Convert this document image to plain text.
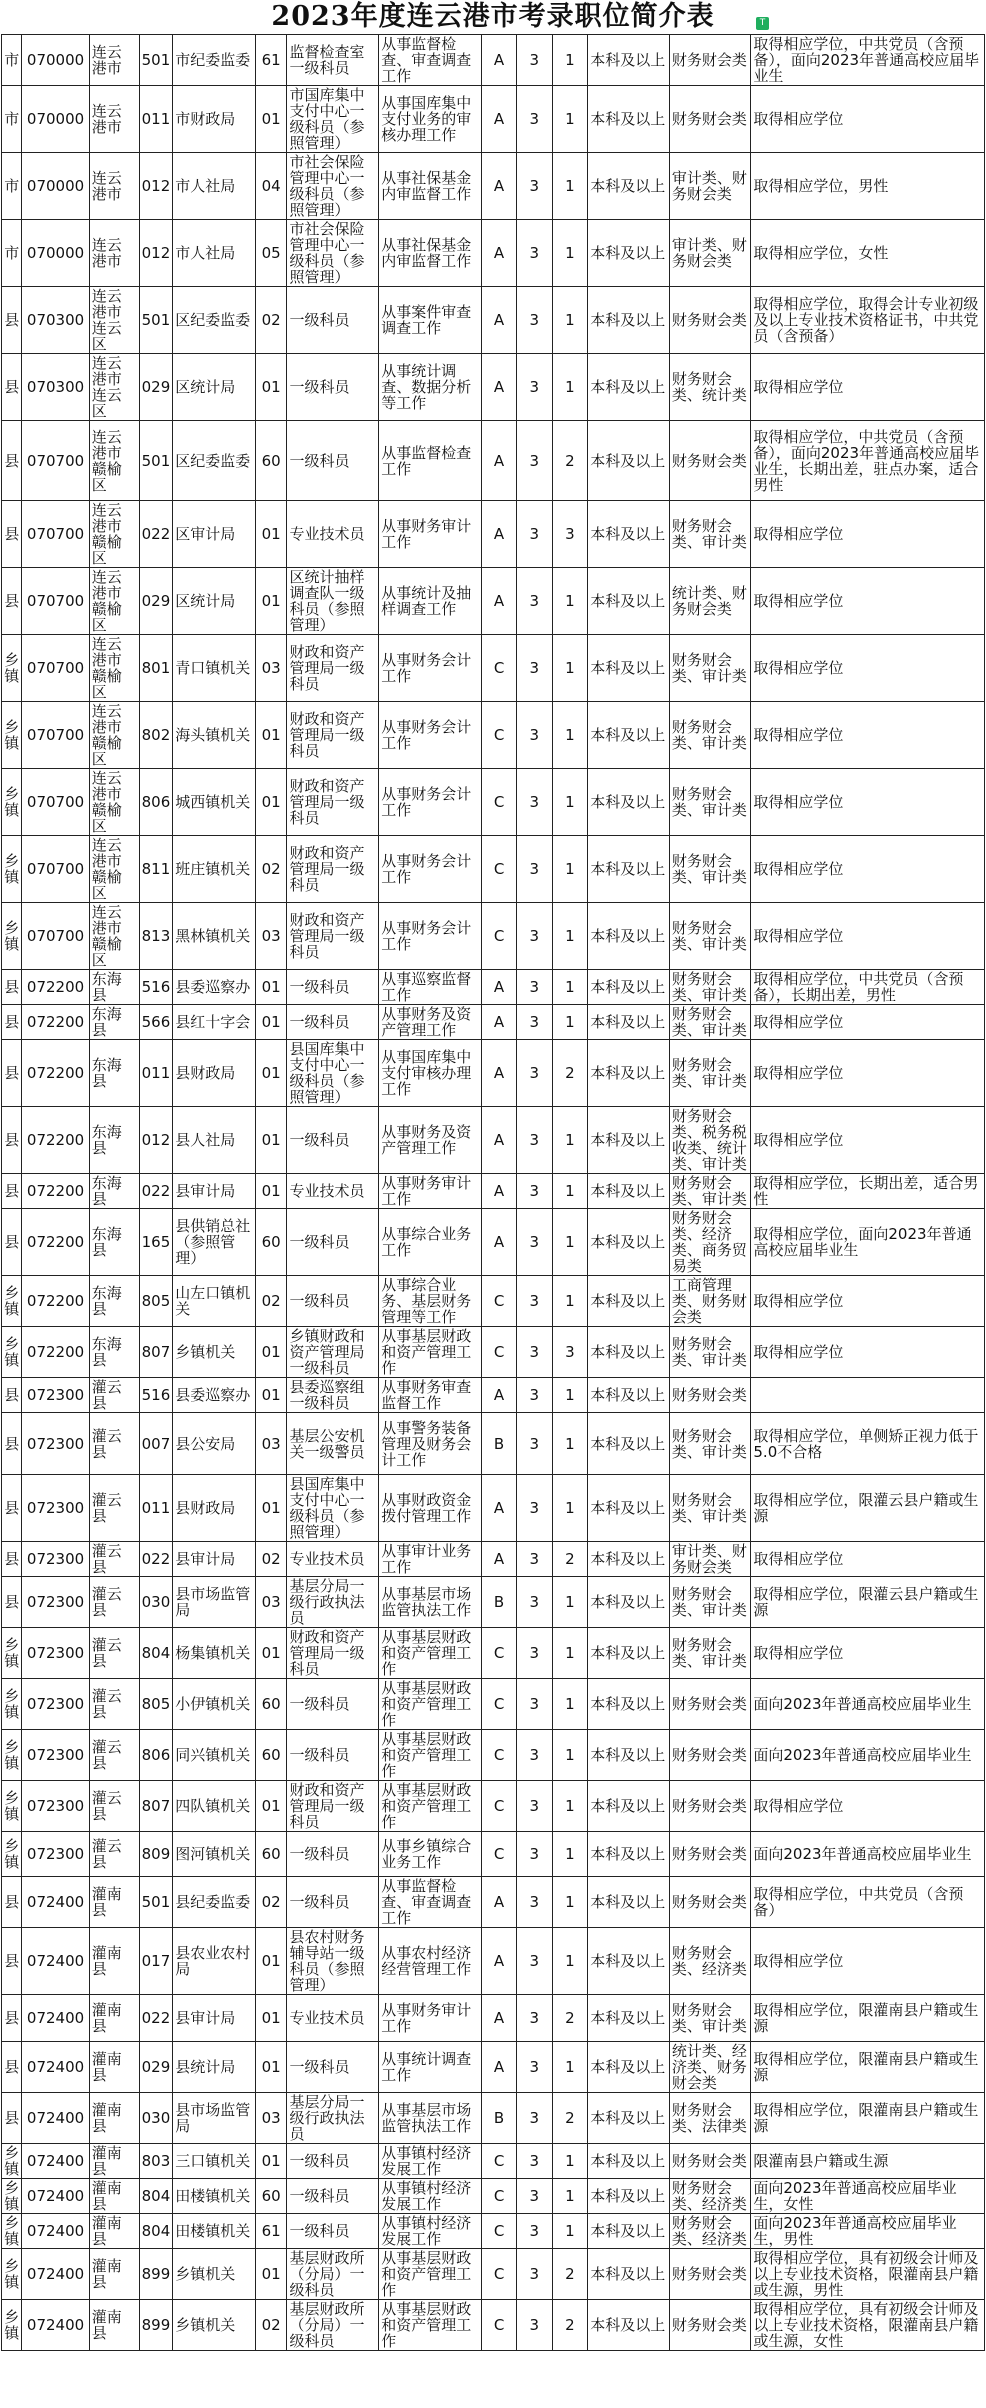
2023年度连云港市考录职位简介表	T
市	070000	连云港市	501	市纪委监委	61	监督检查室一级科员	从事监督检查、审查调查工作	A	3	1	本科及以上	财务财会类	取得相应学位，中共党员（含预备），面向2023年普通高校应届毕业生
市	070000	连云港市	011	市财政局	01	市国库集中支付中心一级科员（参照管理）	从事国库集中支付业务的审核办理工作	A	3	1	本科及以上	财务财会类	取得相应学位
市	070000	连云港市	012	市人社局	04	市社会保险管理中心一级科员（参照管理）	从事社保基金内审监督工作	A	3	1	本科及以上	审计类、财务财会类	取得相应学位，男性
市	070000	连云港市	012	市人社局	05	市社会保险管理中心一级科员（参照管理）	从事社保基金内审监督工作	A	3	1	本科及以上	审计类、财务财会类	取得相应学位，女性
县	070300	连云港市连云区	501	区纪委监委	02	一级科员	从事案件审查调查工作	A	3	1	本科及以上	财务财会类	取得相应学位，取得会计专业初级及以上专业技术资格证书，中共党员（含预备）
县	070300	连云港市连云区	029	区统计局	01	一级科员	从事统计调查、数据分析等工作	A	3	1	本科及以上	财务财会类、统计类	取得相应学位
县	070700	连云港市赣榆区	501	区纪委监委	60	一级科员	从事监督检查工作	A	3	2	本科及以上	财务财会类	取得相应学位，中共党员（含预备），面向2023年普通高校应届毕业生，长期出差，驻点办案，适合男性
县	070700	连云港市赣榆区	022	区审计局	01	专业技术员	从事财务审计工作	A	3	3	本科及以上	财务财会类、审计类	取得相应学位
县	070700	连云港市赣榆区	029	区统计局	01	区统计抽样调查队一级科员（参照管理）	从事统计及抽样调查工作	A	3	1	本科及以上	统计类、财务财会类	取得相应学位
乡镇	070700	连云港市赣榆区	801	青口镇机关	03	财政和资产管理局一级科员	从事财务会计工作	C	3	1	本科及以上	财务财会类、审计类	取得相应学位
乡镇	070700	连云港市赣榆区	802	海头镇机关	01	财政和资产管理局一级科员	从事财务会计工作	C	3	1	本科及以上	财务财会类、审计类	取得相应学位
乡镇	070700	连云港市赣榆区	806	城西镇机关	01	财政和资产管理局一级科员	从事财务会计工作	C	3	1	本科及以上	财务财会类、审计类	取得相应学位
乡镇	070700	连云港市赣榆区	811	班庄镇机关	02	财政和资产管理局一级科员	从事财务会计工作	C	3	1	本科及以上	财务财会类、审计类	取得相应学位
乡镇	070700	连云港市赣榆区	813	黑林镇机关	03	财政和资产管理局一级科员	从事财务会计工作	C	3	1	本科及以上	财务财会类、审计类	取得相应学位
县	072200	东海县	516	县委巡察办	01	一级科员	从事巡察监督工作	A	3	1	本科及以上	财务财会类、审计类	取得相应学位，中共党员（含预备），长期出差，男性
县	072200	东海县	566	县红十字会	01	一级科员	从事财务及资产管理工作	A	3	1	本科及以上	财务财会类、审计类	取得相应学位
县	072200	东海县	011	县财政局	01	县国库集中支付中心一级科员（参照管理）	从事国库集中支付审核办理工作	A	3	2	本科及以上	财务财会类、审计类	取得相应学位
县	072200	东海县	012	县人社局	01	一级科员	从事财务及资产管理工作	A	3	1	本科及以上	财务财会类、税务税收类、统计类、审计类	取得相应学位
县	072200	东海县	022	县审计局	01	专业技术员	从事财务审计工作	A	3	1	本科及以上	财务财会类、审计类	取得相应学位，长期出差，适合男性
县	072200	东海县	165	县供销总社（参照管理）	60	一级科员	从事综合业务工作	A	3	1	本科及以上	财务财会类、经济类、商务贸易类	取得相应学位，面向2023年普通高校应届毕业生
乡镇	072200	东海县	805	山左口镇机关	02	一级科员	从事综合业务、基层财务管理等工作	C	3	1	本科及以上	工商管理类、财务财会类	取得相应学位
乡镇	072200	东海县	807	乡镇机关	01	乡镇财政和资产管理局一级科员	从事基层财政和资产管理工作	C	3	3	本科及以上	财务财会类、审计类	取得相应学位
县	072300	灌云县	516	县委巡察办	01	县委巡察组一级科员	从事财务审查监督工作	A	3	1	本科及以上	财务财会类	
县	072300	灌云县	007	县公安局	03	基层公安机关一级警员	从事警务装备管理及财务会计工作	B	3	1	本科及以上	财务财会类、审计类	取得相应学位，单侧矫正视力低于5.0不合格
县	072300	灌云县	011	县财政局	01	县国库集中支付中心一级科员（参照管理）	从事财政资金拨付管理工作	A	3	1	本科及以上	财务财会类、审计类	取得相应学位，限灌云县户籍或生源
县	072300	灌云县	022	县审计局	02	专业技术员	从事审计业务工作	A	3	2	本科及以上	审计类、财务财会类	取得相应学位
县	072300	灌云县	030	县市场监管局	03	基层分局一级行政执法员	从事基层市场监管执法工作	B	3	1	本科及以上	财务财会类、审计类	取得相应学位，限灌云县户籍或生源
乡镇	072300	灌云县	804	杨集镇机关	01	财政和资产管理局一级科员	从事基层财政和资产管理工作	C	3	1	本科及以上	财务财会类、审计类	取得相应学位
乡镇	072300	灌云县	805	小伊镇机关	60	一级科员	从事基层财政和资产管理工作	C	3	1	本科及以上	财务财会类	面向2023年普通高校应届毕业生
乡镇	072300	灌云县	806	同兴镇机关	60	一级科员	从事基层财政和资产管理工作	C	3	1	本科及以上	财务财会类	面向2023年普通高校应届毕业生
乡镇	072300	灌云县	807	四队镇机关	01	财政和资产管理局一级科员	从事基层财政和资产管理工作	C	3	1	本科及以上	财务财会类	取得相应学位
乡镇	072300	灌云县	809	图河镇机关	60	一级科员	从事乡镇综合业务工作	C	3	1	本科及以上	财务财会类	面向2023年普通高校应届毕业生
县	072400	灌南县	501	县纪委监委	02	一级科员	从事监督检查、审查调查工作	A	3	1	本科及以上	财务财会类	取得相应学位，中共党员（含预备）
县	072400	灌南县	017	县农业农村局	01	县农村财务辅导站一级科员（参照管理）	从事农村经济经营管理工作	A	3	1	本科及以上	财务财会类、经济类	取得相应学位
县	072400	灌南县	022	县审计局	01	专业技术员	从事财务审计工作	A	3	2	本科及以上	财务财会类、审计类	取得相应学位，限灌南县户籍或生源
县	072400	灌南县	029	县统计局	01	一级科员	从事统计调查工作	A	3	1	本科及以上	统计类、经济类、财务财会类	取得相应学位，限灌南县户籍或生源
县	072400	灌南县	030	县市场监管局	03	基层分局一级行政执法员	从事基层市场监管执法工作	B	3	2	本科及以上	财务财会类、法律类	取得相应学位，限灌南县户籍或生源
乡镇	072400	灌南县	803	三口镇机关	01	一级科员	从事镇村经济发展工作	C	3	1	本科及以上	财务财会类	限灌南县户籍或生源
乡镇	072400	灌南县	804	田楼镇机关	60	一级科员	从事镇村经济发展工作	C	3	1	本科及以上	财务财会类、经济类	面向2023年普通高校应届毕业生，女性
乡镇	072400	灌南县	804	田楼镇机关	61	一级科员	从事镇村经济发展工作	C	3	1	本科及以上	财务财会类、经济类	面向2023年普通高校应届毕业生，男性
乡镇	072400	灌南县	899	乡镇机关	01	基层财政所（分局）一级科员	从事基层财政和资产管理工作	C	3	2	本科及以上	财务财会类	取得相应学位，具有初级会计师及以上专业技术资格，限灌南县户籍或生源，男性
乡镇	072400	灌南县	899	乡镇机关	02	基层财政所（分局）一级科员	从事基层财政和资产管理工作	C	3	2	本科及以上	财务财会类	取得相应学位，具有初级会计师及以上专业技术资格，限灌南县户籍或生源，女性
